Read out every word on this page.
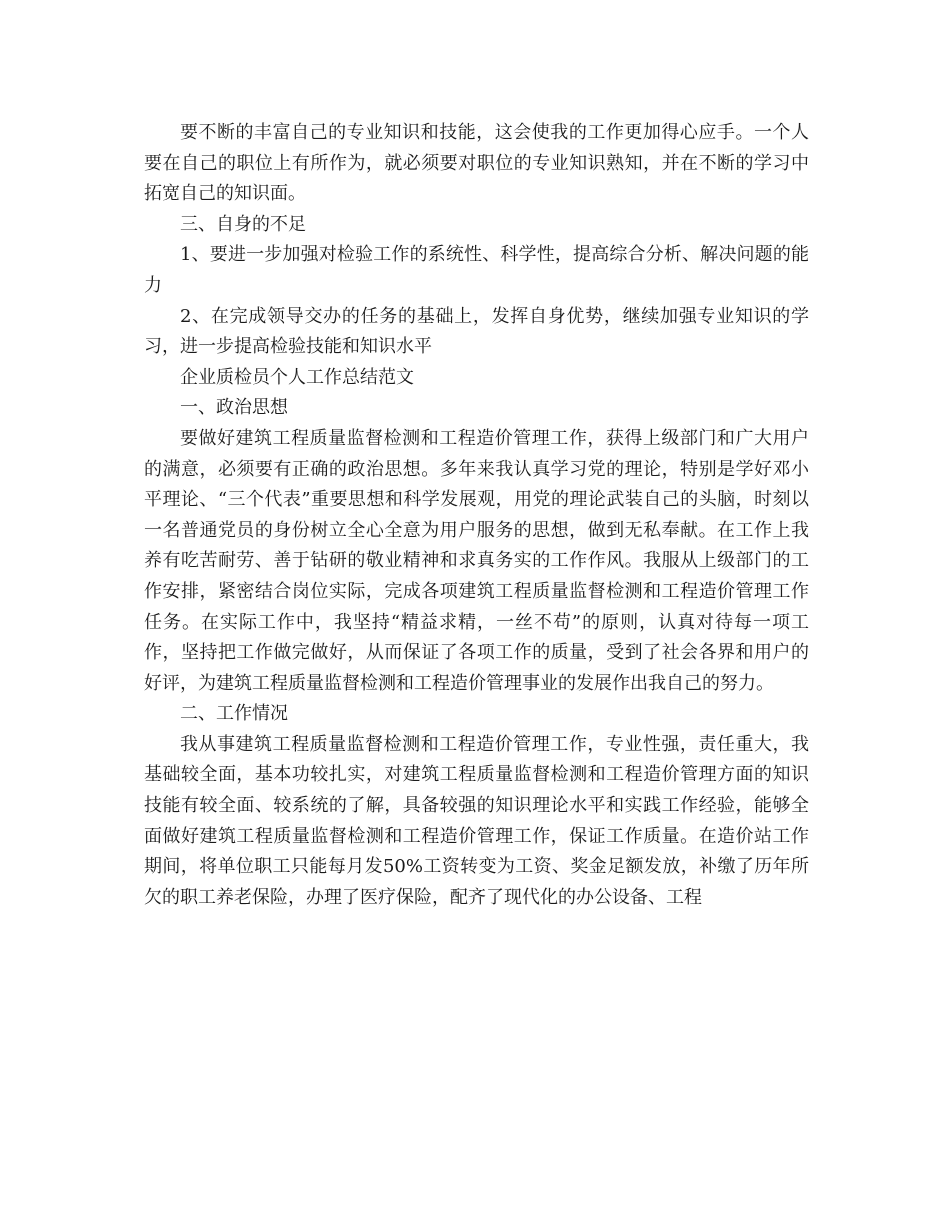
要不断的丰富自己的专业知识和技能，这会使我的工作更加得心应手。一个人要在自己的职位上有所作为，就必须要对职位的专业知识熟知，并在不断的学习中拓宽自己的知识面。

三、自身的不足

1、要进一步加强对检验工作的系统性、科学性，提高综合分析、解决问题的能力

2、在完成领导交办的任务的基础上，发挥自身优势，继续加强专业知识的学习，进一步提高检验技能和知识水平

企业质检员个人工作总结范文

一、政治思想

要做好建筑工程质量监督检测和工程造价管理工作，获得上级部门和广大用户的满意，必须要有正确的政治思想。多年来我认真学习党的理论，特别是学好邓小平理论、“三个代表”重要思想和科学发展观，用党的理论武装自己的头脑，时刻以一名普通党员的身份树立全心全意为用户服务的思想，做到无私奉献。在工作上我养有吃苦耐劳、善于钻研的敬业精神和求真务实的工作作风。我服从上级部门的工作安排，紧密结合岗位实际，完成各项建筑工程质量监督检测和工程造价管理工作任务。在实际工作中，我坚持“精益求精，一丝不苟”的原则，认真对待每一项工作，坚持把工作做完做好，从而保证了各项工作的质量，受到了社会各界和用户的好评，为建筑工程质量监督检测和工程造价管理事业的发展作出我自己的努力。

二、工作情况

我从事建筑工程质量监督检测和工程造价管理工作，专业性强，责任重大，我基础较全面，基本功较扎实，对建筑工程质量监督检测和工程造价管理方面的知识技能有较全面、较系统的了解，具备较强的知识理论水平和实践工作经验，能够全面做好建筑工程质量监督检测和工程造价管理工作，保证工作质量。在造价站工作期间，将单位职工只能每月发50%工资转变为工资、奖金足额发放，补缴了历年所欠的职工养老保险，办理了医疗保险，配齐了现代化的办公设备、工程
